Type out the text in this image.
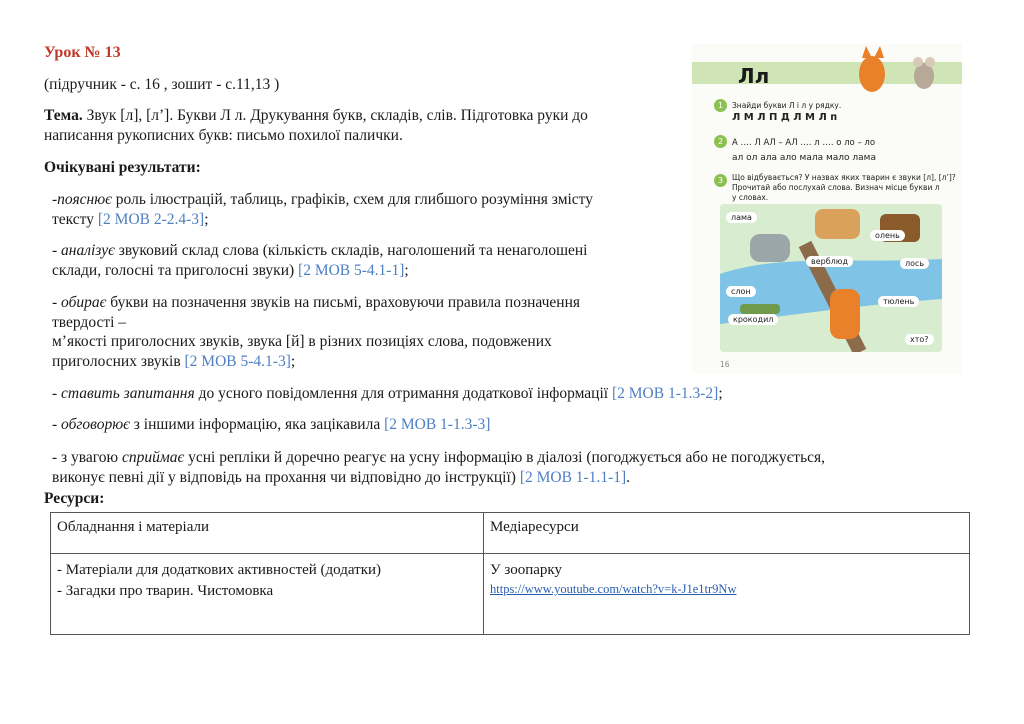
Урок № 13
(підручник - с. 16 , зошит - с.11,13 )
Тема. Звук [л], [л’]. Букви Л л. Друкування букв, складів, слів. Підготовка руки до
написання рукописних букв: письмо похилої палички.
Очікувані результати:
-пояснює роль ілюстрацій, таблиць, графіків, схем для глибшого розуміння змісту
тексту [2 МОВ 2-2.4-3];
- аналізує звуковий склад слова (кількість складів, наголошений та ненаголошені
склади, голосні та приголосні звуки) [2 МОВ 5-4.1-1];
- обирає букви на позначення звуків на письмі, враховуючи правила позначення
твердості –
м’якості приголосних звуків, звука [й] в різних позиціях слова, подовжених
приголосних звуків [2 МОВ 5-4.1-3];
- ставить запитання до усного повідомлення для отримання додаткової інформації [2 МОВ 1-1.3-2];
- обговорює з іншими інформацію, яка зацікавила [2 МОВ 1-1.3-3]
- з увагою сприймає усні репліки й доречно реагує на усну інформацію в діалозі (погоджується або не погоджується,
виконує певні дії у відповідь на прохання чи відповідно до інструкції) [2 МОВ 1-1.1-1].
Ресурси:
Обладнання і матеріали	Медіаресурси

- Матеріали для додаткових активностей (додатки)
- Загадки про тварин. Чистомовка	У зоопарку
https://www.youtube.com/watch?v=k-J1e1tr9Nw
Лл
1	Знайди букви Л і л у рядку.
Л М Л П Д Л М Л п
2	А …. Л АЛ – АЛ …. л …. о ло – ло
ал ол ала ало мала мало лама
3	Що відбувається? У назвах яких тварин є звуки [л], [л’]?
Прочитай або послухай слова. Визнач місце букви л
у словах.
лама
олень
верблюд	лось
слон
тюлень
крокодил
хто?
16
